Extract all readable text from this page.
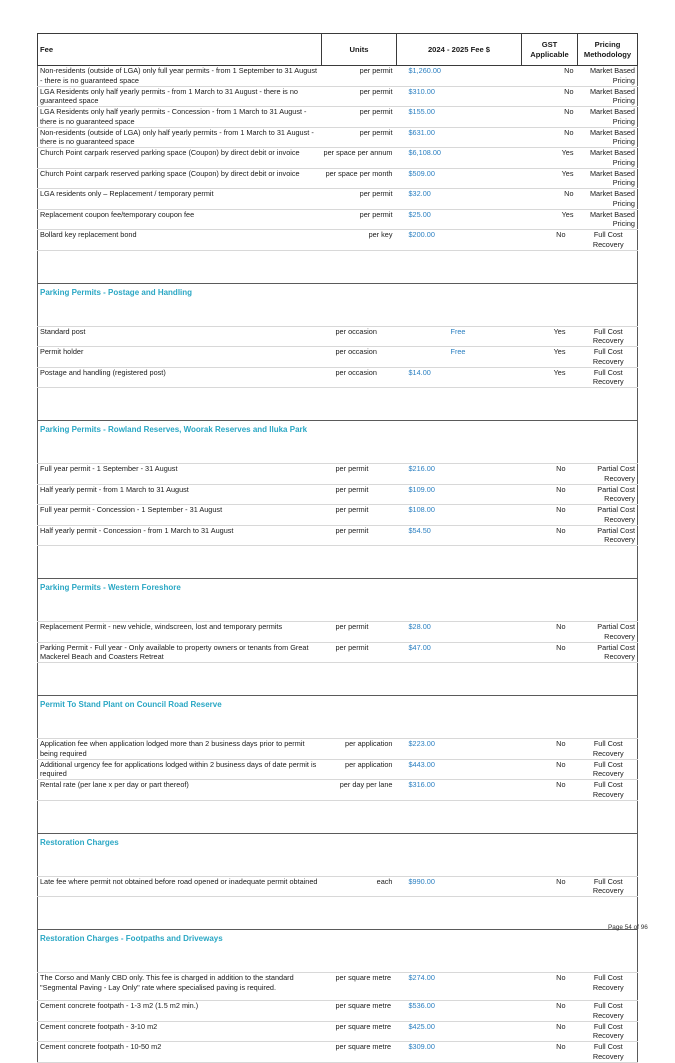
Fee	Units	2024 - 2025 Fee $	GST Applicable	Pricing Methodology
Non-residents (outside of LGA) only full year permits - from 1 September to 31 August - there is no guaranteed space	per permit	$1,260.00	No	Market Based Pricing
LGA Residents only half yearly permits - from 1 March to 31 August - there is no guaranteed space	per permit	$310.00	No	Market Based Pricing
LGA Residents only half yearly permits - Concession - from 1 March to 31 August - there is no guaranteed space	per permit	$155.00	No	Market Based Pricing
Non-residents (outside of LGA) only half yearly permits - from 1 March to 31 August - there is no guaranteed space	per permit	$631.00	No	Market Based Pricing
Church Point carpark reserved parking space (Coupon) by direct debit or invoice	per space per annum	$6,108.00	Yes	Market Based Pricing
Church Point carpark reserved parking space (Coupon) by direct debit or invoice	per space per month	$509.00	Yes	Market Based Pricing
LGA residents only – Replacement / temporary permit	per permit	$32.00	No	Market Based Pricing
Replacement coupon fee/temporary coupon fee	per permit	$25.00	Yes	Market Based Pricing
Bollard key replacement bond	per key	$200.00	No	Full Cost Recovery

Parking Permits - Postage and Handling				
Standard post	per occasion	Free	Yes	Full Cost Recovery
Permit holder	per occasion	Free	Yes	Full Cost Recovery
Postage and handling (registered post)	per occasion	$14.00	Yes	Full Cost Recovery

Parking Permits - Rowland Reserves, Woorak Reserves and Iluka Park				
Full year permit - 1 September - 31 August	per permit	$216.00	No	Partial Cost Recovery
Half yearly permit - from 1 March to 31 August	per permit	$109.00	No	Partial Cost Recovery
Full year permit - Concession - 1 September - 31 August	per permit	$108.00	No	Partial Cost Recovery
Half yearly permit - Concession - from 1 March to 31 August	per permit	$54.50	No	Partial Cost Recovery

Parking Permits - Western Foreshore				
Replacement Permit - new vehicle, windscreen, lost and temporary permits	per permit	$28.00	No	Partial Cost Recovery
Parking Permit - Full year - Only available to property owners or tenants from Great Mackerel Beach and Coasters Retreat	per permit	$47.00	No	Partial Cost Recovery

Permit To Stand Plant on Council Road Reserve				
Application fee when application lodged more than 2 business days prior to permit being required	per application	$223.00	No	Full Cost Recovery
Additional urgency fee for applications lodged within 2 business days of date permit is required	per application	$443.00	No	Full Cost Recovery
Rental rate (per lane x per day or part thereof)	per day per lane	$316.00	No	Full Cost Recovery

Restoration Charges				
Late fee where permit not obtained before road opened or inadequate permit obtained	each	$990.00	No	Full Cost Recovery

Restoration Charges - Footpaths and Driveways				
The Corso and Manly CBD only. This fee is charged in addition to the standard "Segmental Paving - Lay Only" rate where specialised paving is required.	per square metre	$274.00	No	Full Cost Recovery
Cement concrete footpath - 1-3 m2 (1.5 m2 min.)	per square metre	$536.00	No	Full Cost Recovery
Cement concrete footpath - 3-10 m2	per square metre	$425.00	No	Full Cost Recovery
Cement concrete footpath - 10-50 m2	per square metre	$309.00	No	Full Cost Recovery
Page 54 of 96
